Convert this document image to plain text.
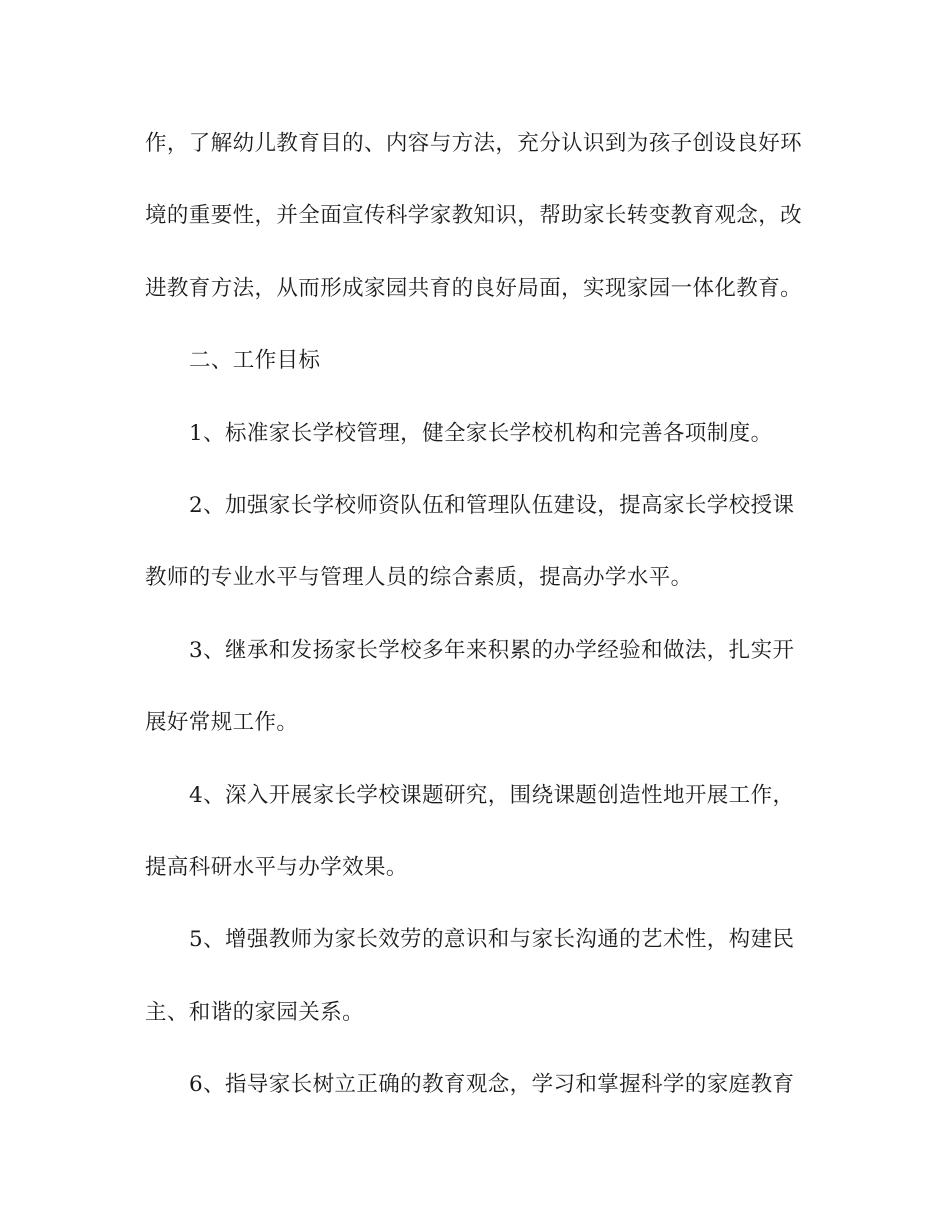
作，了解幼儿教育目的、内容与方法，充分认识到为孩子创设良好环
境的重要性，并全面宣传科学家教知识，帮助家长转变教育观念，改
进教育方法，从而形成家园共育的良好局面，实现家园一体化教育。
二、工作目标
1、标准家长学校管理，健全家长学校机构和完善各项制度。
2、加强家长学校师资队伍和管理队伍建设，提高家长学校授课
教师的专业水平与管理人员的综合素质，提高办学水平。
3、继承和发扬家长学校多年来积累的办学经验和做法，扎实开
展好常规工作。
4、深入开展家长学校课题研究，围绕课题创造性地开展工作，
提高科研水平与办学效果。
5、增强教师为家长效劳的意识和与家长沟通的艺术性，构建民
主、和谐的家园关系。
6、指导家长树立正确的教育观念，学习和掌握科学的家庭教育
